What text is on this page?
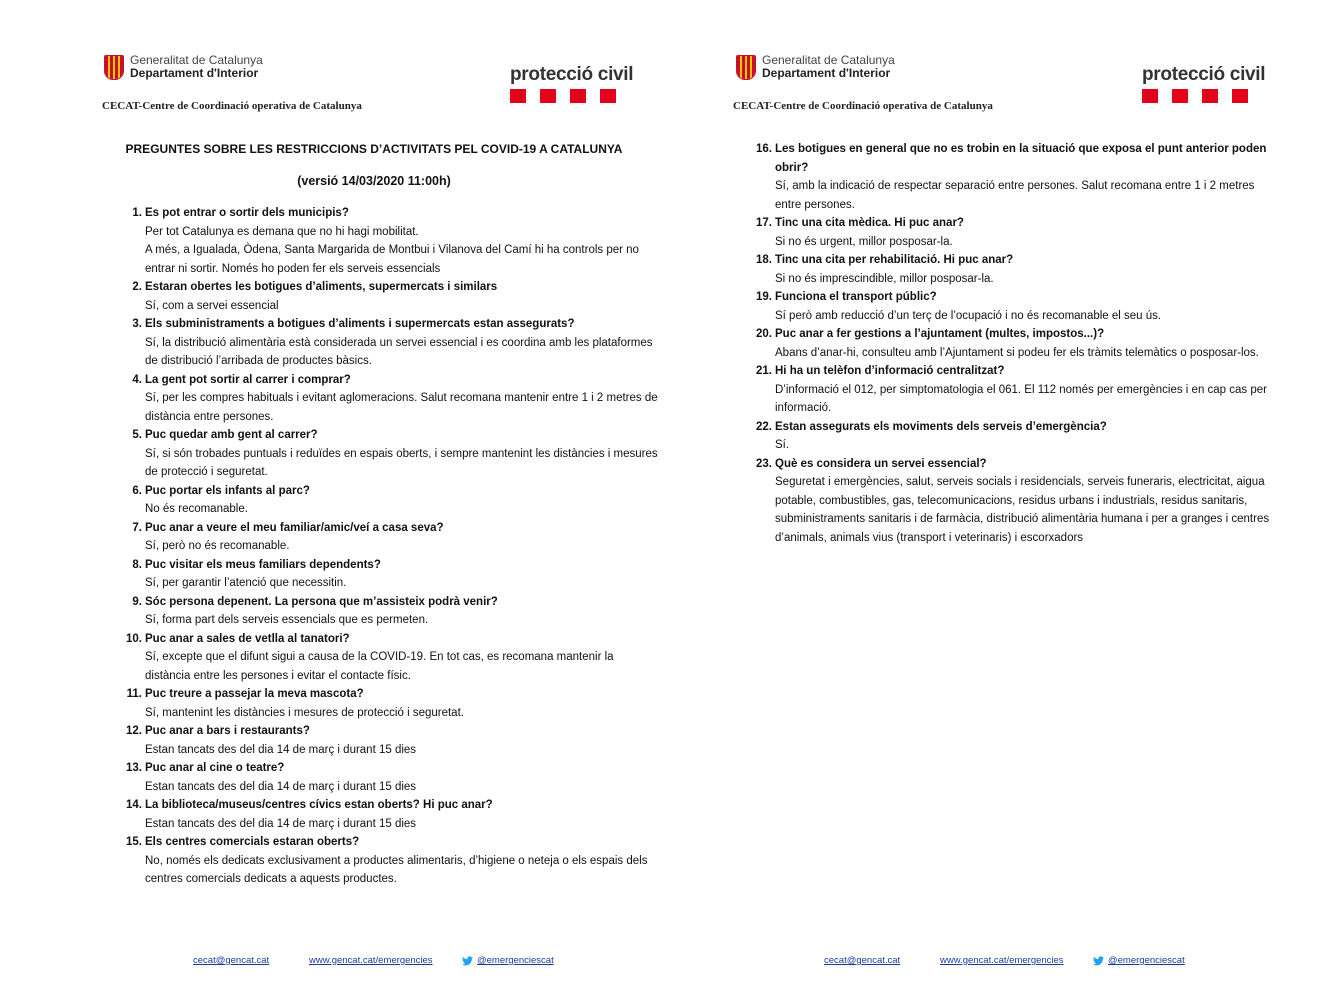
Generalitat de Catalunya
Departament d'Interior	protecció civil
CECAT-Centre de Coordinació operativa de Catalunya
PREGUNTES SOBRE LES RESTRICCIONS D’ACTIVITATS PEL COVID-19 A CATALUNYA
(versió 14/03/2020 11:00h)
1. Es pot entrar o sortir dels municipis?
Per tot Catalunya es demana que no hi hagi mobilitat.
A més, a Igualada, Òdena, Santa Margarida de Montbui i Vilanova del Camí hi ha controls per no entrar ni sortir. Només ho poden fer els serveis essencials
2. Estaran obertes les botigues d’aliments, supermercats i similars
Sí, com a servei essencial
3. Els subministraments a botigues d’aliments i supermercats estan assegurats?
Sí, la distribució alimentària està considerada un servei essencial i es coordina amb les plataformes de distribució l’arribada de productes bàsics.
4. La gent pot sortir al carrer i comprar?
Sí, per les compres habituals i evitant aglomeracions. Salut recomana mantenir entre 1 i 2 metres de distància entre persones.
5. Puc quedar amb gent al carrer?
Sí, si són trobades puntuals i reduïdes en espais oberts, i sempre mantenint les distàncies i mesures de protecció i seguretat.
6. Puc portar els infants al parc?
No és recomanable.
7. Puc anar a veure el meu familiar/amic/veí a casa seva?
Sí, però no és recomanable.
8. Puc visitar els meus familiars dependents?
Sí, per garantir l’atenció que necessitin.
9. Sóc persona depenent. La persona que m’assisteix podrà venir?
Sí, forma part dels serveis essencials que es permeten.
10. Puc anar a sales de vetlla al tanatori?
Sí, excepte que el difunt sigui a causa de la COVID-19. En tot cas, es recomana mantenir la distància entre les persones i evitar el contacte físic.
11. Puc treure a passejar la meva mascota?
Sí, mantenint les distàncies i mesures de protecció i seguretat.
12. Puc anar a bars i restaurants?
Estan tancats des del dia 14 de març i durant 15 dies
13. Puc anar al cine o teatre?
Estan tancats des del dia 14 de març i durant 15 dies
14. La biblioteca/museus/centres cívics estan oberts? Hi puc anar?
Estan tancats des del dia 14 de març i durant 15 dies
15. Els centres comercials estaran oberts?
No, només els dedicats exclusivament a productes alimentaris, d’higiene o neteja o els espais dels centres comercials dedicats a aquests productes.
cecat@gencat.cat	www.gencat.cat/emergencies	@emergenciescat
Generalitat de Catalunya
Departament d'Interior	protecció civil
CECAT-Centre de Coordinació operativa de Catalunya
16. Les botigues en general que no es trobin en la situació que exposa el punt anterior poden obrir?
Sí, amb la indicació de respectar separació entre persones. Salut recomana entre 1 i 2 metres entre persones.
17. Tinc una cita mèdica. Hi puc anar?
Si no és urgent, millor posposar-la.
18. Tinc una cita per rehabilitació. Hi puc anar?
Si no és imprescindible, millor posposar-la.
19. Funciona el transport públic?
Sí però amb reducció d’un terç de l’ocupació i no és recomanable el seu ús.
20. Puc anar a fer gestions a l’ajuntament (multes, impostos...)?
Abans d’anar-hi, consulteu amb l’Ajuntament si podeu fer els tràmits telemàtics o posposar-los.
21. Hi ha un telèfon d’informació centralitzat?
D’informació el 012, per simptomatologia el 061. El 112 només per emergències i en cap cas per informació.
22. Estan assegurats els moviments dels serveis d’emergència?
Sí.
23. Què es considera un servei essencial?
Seguretat i emergències, salut, serveis socials i residencials, serveis funeraris, electricitat, aigua potable, combustibles, gas, telecomunicacions, residus urbans i industrials, residus sanitaris, subministraments sanitaris i de farmàcia, distribució alimentària humana i per a granges i centres d’animals, animals vius (transport i veterinaris) i escorxadors
cecat@gencat.cat	www.gencat.cat/emergencies	@emergenciescat
